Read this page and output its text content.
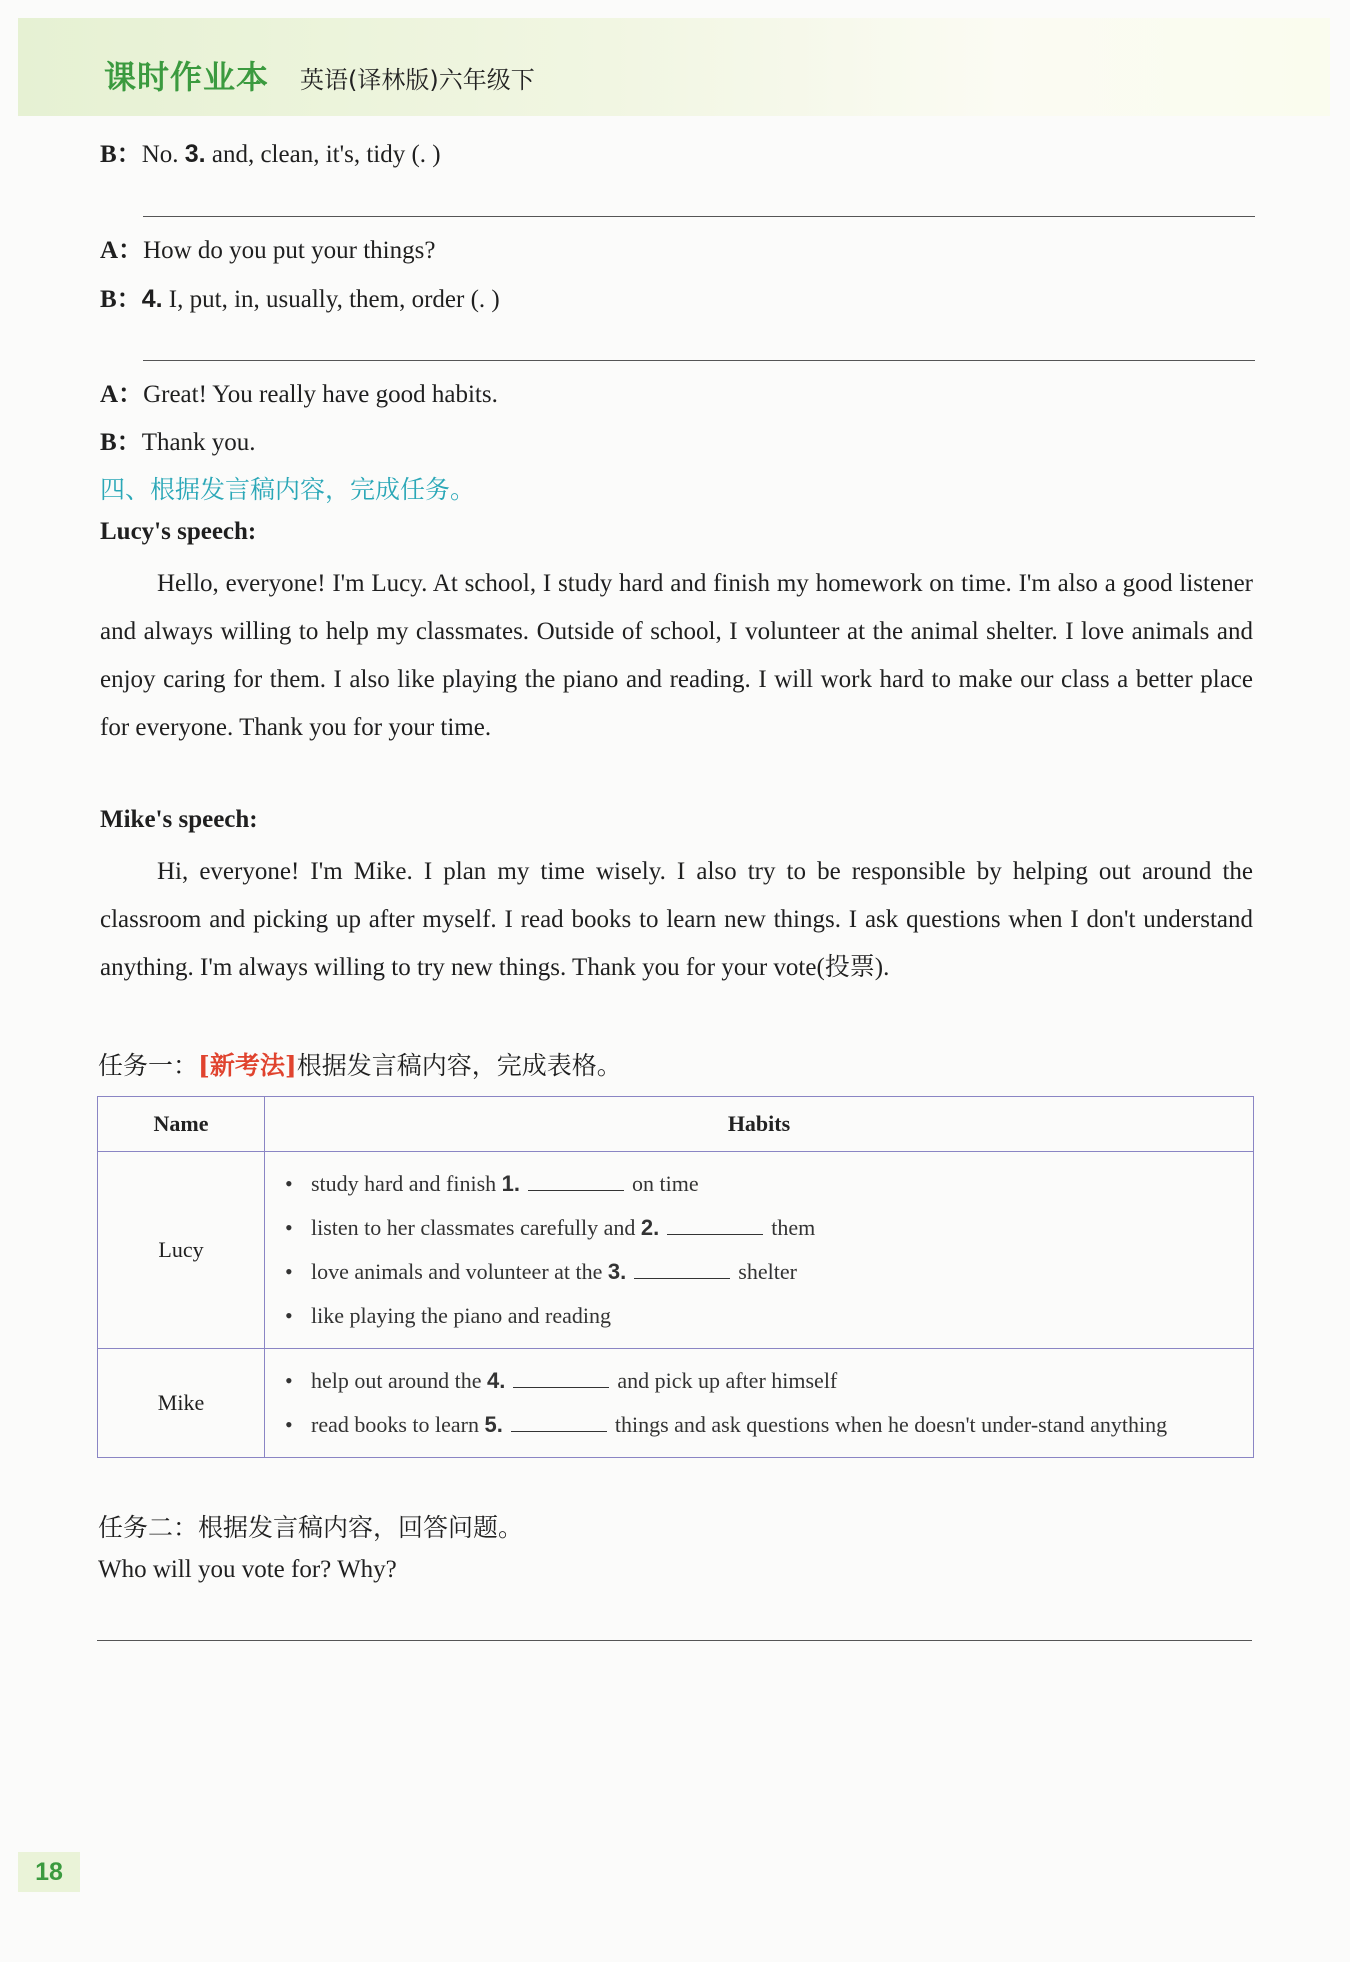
课时作业本 英语(译林版)六年级下
B：No. 3. and, clean, it's, tidy (. )
A：How do you put your things?
B：4. I, put, in, usually, them, order (. )
A：Great! You really have good habits.
B：Thank you.
四、根据发言稿内容，完成任务。
Lucy's speech:
Hello, everyone! I'm Lucy. At school, I study hard and finish my homework on time. I'm also a good listener and always willing to help my classmates. Outside of school, I volunteer at the animal shelter. I love animals and enjoy caring for them. I also like playing the piano and reading. I will work hard to make our class a better place for everyone. Thank you for your time.
Mike's speech:
Hi, everyone! I'm Mike. I plan my time wisely. I also try to be responsible by helping out around the classroom and picking up after myself. I read books to learn new things. I ask questions when I don't understand anything. I'm always willing to try new things. Thank you for your vote(投票).
任务一：[新考法]根据发言稿内容，完成表格。
Name	Habits
Lucy	• study hard and finish 1. on time
• listen to her classmates carefully and 2. them
• love animals and volunteer at the 3. shelter
• like playing the piano and reading

Mike	• help out around the 4. and pick up after himself
• read books to learn 5. things and ask questions when he doesn't under-stand anything
任务二：根据发言稿内容，回答问题。
Who will you vote for? Why?
18
